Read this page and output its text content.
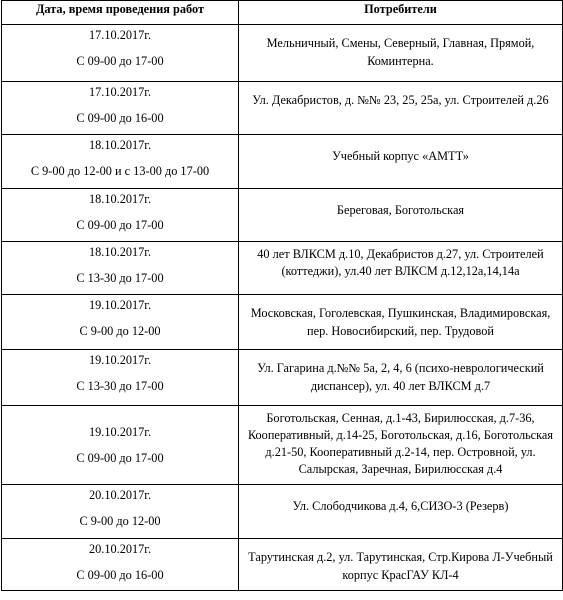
Дата, время проведения работ	Потребители

17.10.2017г.
С 09-00 до 17-00	Мельничный, Смены, Северный, Главная, Прямой, Коминтерна.

17.10.2017г.
С 09-00 до 16-00	Ул. Декабристов, д. №№ 23, 25, 25а, ул. Строителей д.26

18.10.2017г.
С 9-00 до 12-00 и с 13-00 до 17-00	Учебный корпус «АМТТ»

18.10.2017г.
С 09-00 до 17-00	Береговая, Боготольская

18.10.2017г.
С 13-30 до 17-00	40 лет ВЛКСМ д.10, Декабристов д.27, ул. Строителей (коттеджи), ул.40 лет ВЛКСМ д.12,12а,14,14а

19.10.2017г.
С 9-00 до 12-00	Московская, Гоголевская, Пушкинская, Владимировская, пер. Новосибирский, пер. Трудовой

19.10.2017г.
С 13-30 до 17-00	Ул. Гагарина д.№№ 5а, 2, 4, 6 (психо-неврологический диспансер), ул. 40 лет ВЛКСМ д.7

19.10.2017г.
С 09-00 до 17-00	Боготольская, Сенная, д.1-43, Бирилюсская, д.7-36, Кооперативный, д.14-25, Боготольская, д.16, Боготольская д.21-50, Кооперативный д.2-14, пер. Островной, ул. Салырская, Заречная, Бирилюсская д.4

20.10.2017г.
С 9-00 до 12-00	Ул. Слободчикова д.4, 6,СИЗО-3 (Резерв)

20.10.2017г.
С 09-00 до 16-00	Тарутинская д.2, ул. Тарутинская, Стр.Кирова Л-Учебный корпус КрасГАУ КЛ-4
